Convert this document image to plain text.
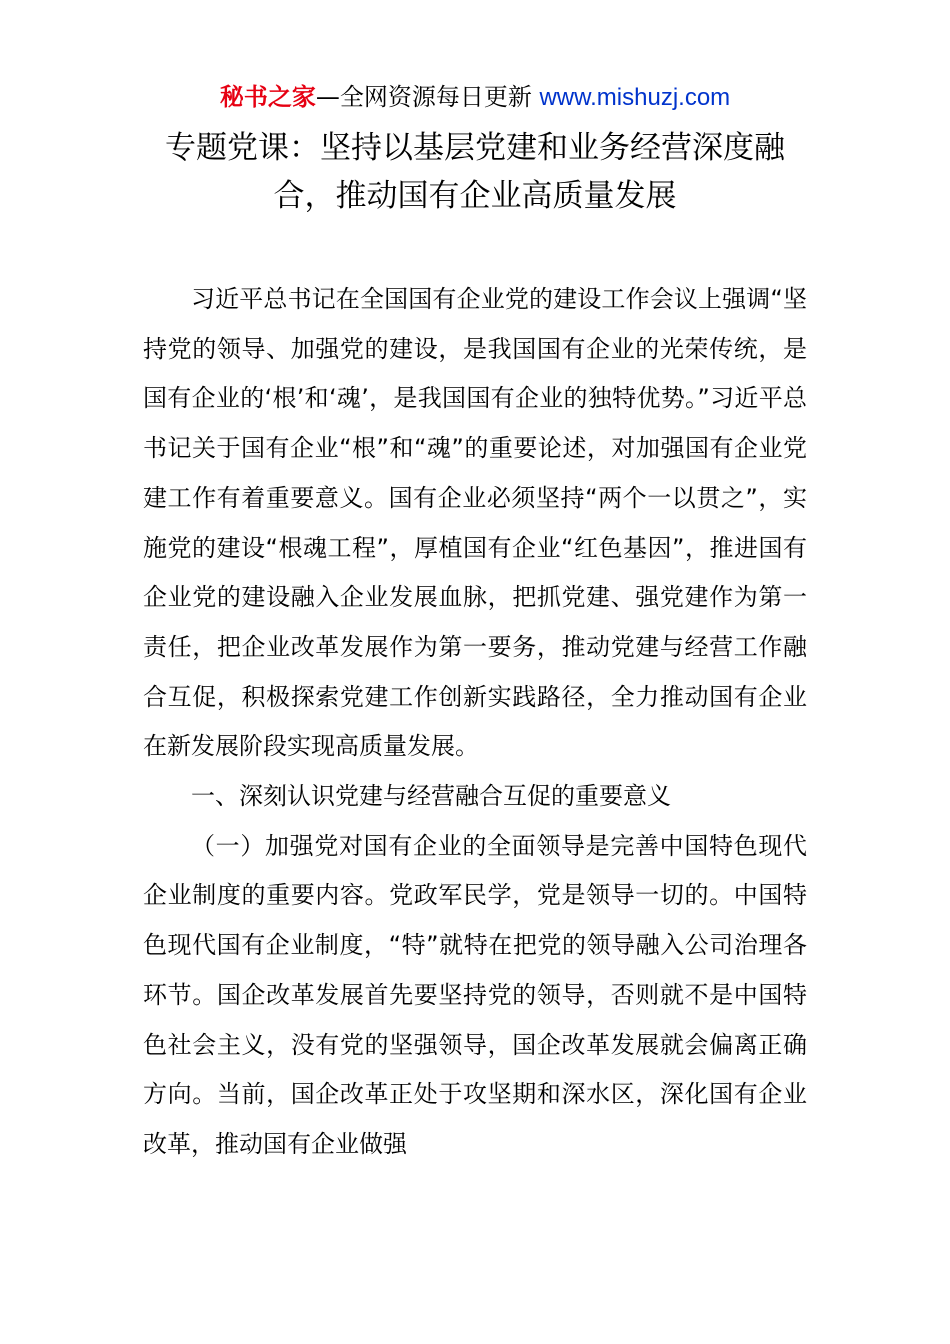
秘书之家—全网资源每日更新 www.mishuzj.com
专题党课：坚持以基层党建和业务经营深度融合，推动国有企业高质量发展

习近平总书记在全国国有企业党的建设工作会议上强调“坚持党的领导、加强党的建设，是我国国有企业的光荣传统，是国有企业的‘根’和‘魂’，是我国国有企业的独特优势。”习近平总书记关于国有企业“根”和“魂”的重要论述，对加强国有企业党建工作有着重要意义。国有企业必须坚持“两个一以贯之”，实施党的建设“根魂工程”，厚植国有企业“红色基因”，推进国有企业党的建设融入企业发展血脉，把抓党建、强党建作为第一责任，把企业改革发展作为第一要务，推动党建与经营工作融合互促，积极探索党建工作创新实践路径，全力推动国有企业在新发展阶段实现高质量发展。

一、深刻认识党建与经营融合互促的重要意义

（一）加强党对国有企业的全面领导是完善中国特色现代企业制度的重要内容。党政军民学，党是领导一切的。中国特色现代国有企业制度，“特”就特在把党的领导融入公司治理各环节。国企改革发展首先要坚持党的领导，否则就不是中国特色社会主义，没有党的坚强领导，国企改革发展就会偏离正确方向。当前，国企改革正处于攻坚期和深水区，深化国有企业改革，推动国有企业做强
